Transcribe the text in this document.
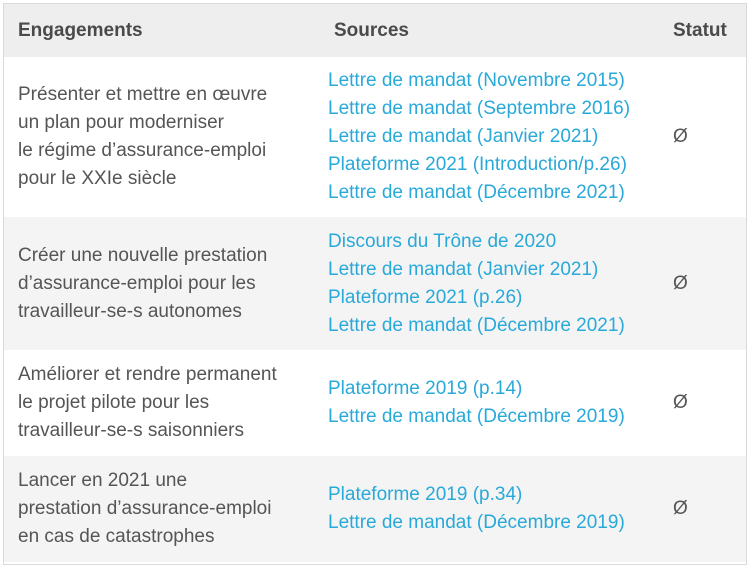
Engagements	Sources	Statut

Présenter et mettre en œuvre
un plan pour moderniser
le régime d’assurance-emploi
pour le XXIe siècle	Lettre de mandat (Novembre 2015)
Lettre de mandat (Septembre 2016)
Lettre de mandat (Janvier 2021)
Plateforme 2021 (Introduction/p.26)
Lettre de mandat (Décembre 2021)	Ø

Créer une nouvelle prestation
d’assurance-emploi pour les
travailleur-se-s autonomes	Discours du Trône de 2020
Lettre de mandat (Janvier 2021)
Plateforme 2021 (p.26)
Lettre de mandat (Décembre 2021)	Ø

Améliorer et rendre permanent
le projet pilote pour les
travailleur-se-s saisonniers	Plateforme 2019 (p.14)
Lettre de mandat (Décembre 2019)	Ø

Lancer en 2021 une
prestation d’assurance-emploi
en cas de catastrophes	Plateforme 2019 (p.34)
Lettre de mandat (Décembre 2019)	Ø
